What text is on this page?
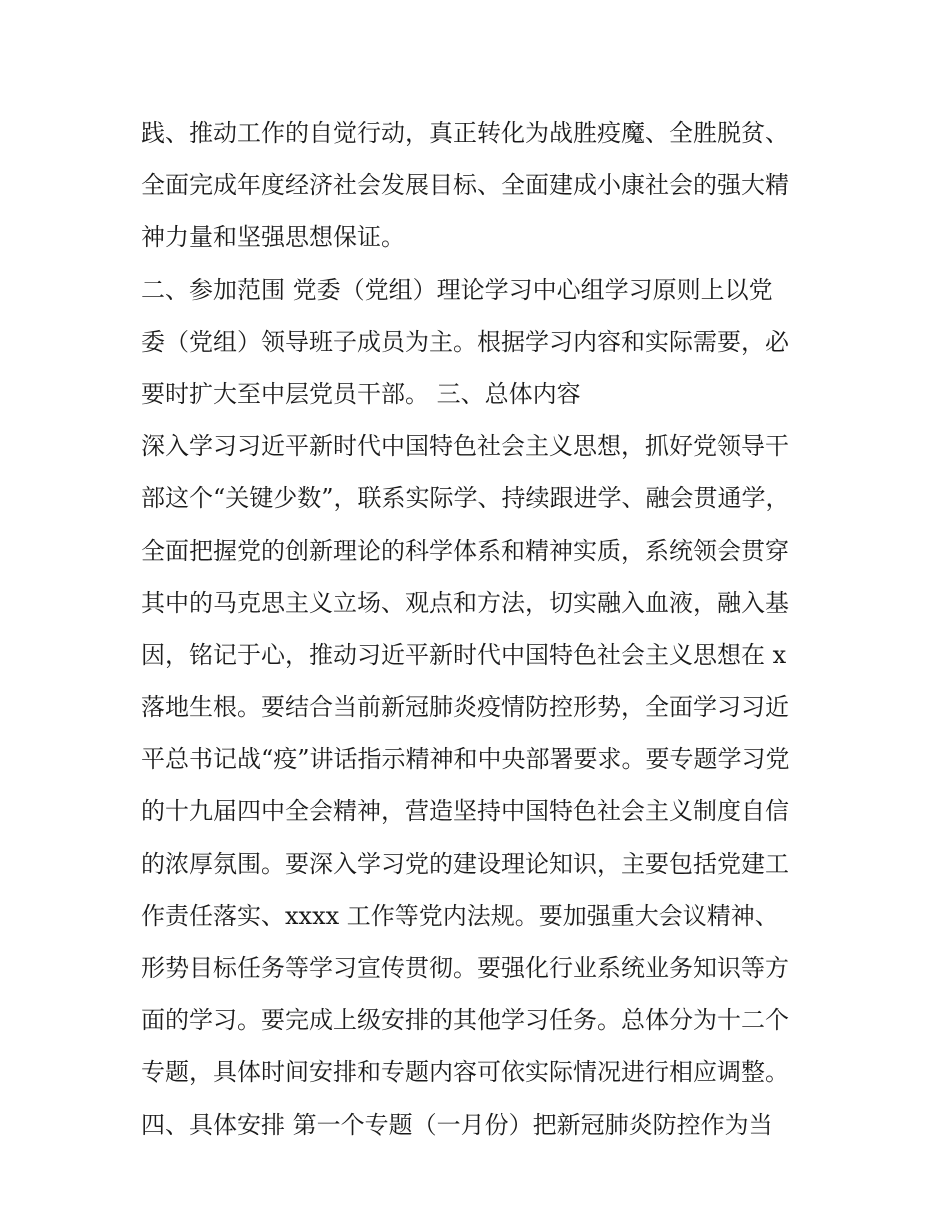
践、推动工作的自觉行动，真正转化为战胜疫魔、全胜脱贫、
全面完成年度经济社会发展目标、全面建成小康社会的强大精
神力量和坚强思想保证。
二、参加范围 党委（党组）理论学习中心组学习原则上以党
委（党组）领导班子成员为主。根据学习内容和实际需要，必
要时扩大至中层党员干部。 三、总体内容
深入学习习近平新时代中国特色社会主义思想，抓好党领导干
部这个“关键少数”，联系实际学、持续跟进学、融会贯通学，
全面把握党的创新理论的科学体系和精神实质，系统领会贯穿
其中的马克思主义立场、观点和方法，切实融入血液，融入基
因，铭记于心，推动习近平新时代中国特色社会主义思想在 x
落地生根。要结合当前新冠肺炎疫情防控形势，全面学习习近
平总书记战“疫”讲话指示精神和中央部署要求。要专题学习党
的十九届四中全会精神，营造坚持中国特色社会主义制度自信
的浓厚氛围。要深入学习党的建设理论知识，主要包括党建工
作责任落实、xxxx 工作等党内法规。要加强重大会议精神、
形势目标任务等学习宣传贯彻。要强化行业系统业务知识等方
面的学习。要完成上级安排的其他学习任务。总体分为十二个
专题，具体时间安排和专题内容可依实际情况进行相应调整。
四、具体安排 第一个专题（一月份）把新冠肺炎防控作为当
